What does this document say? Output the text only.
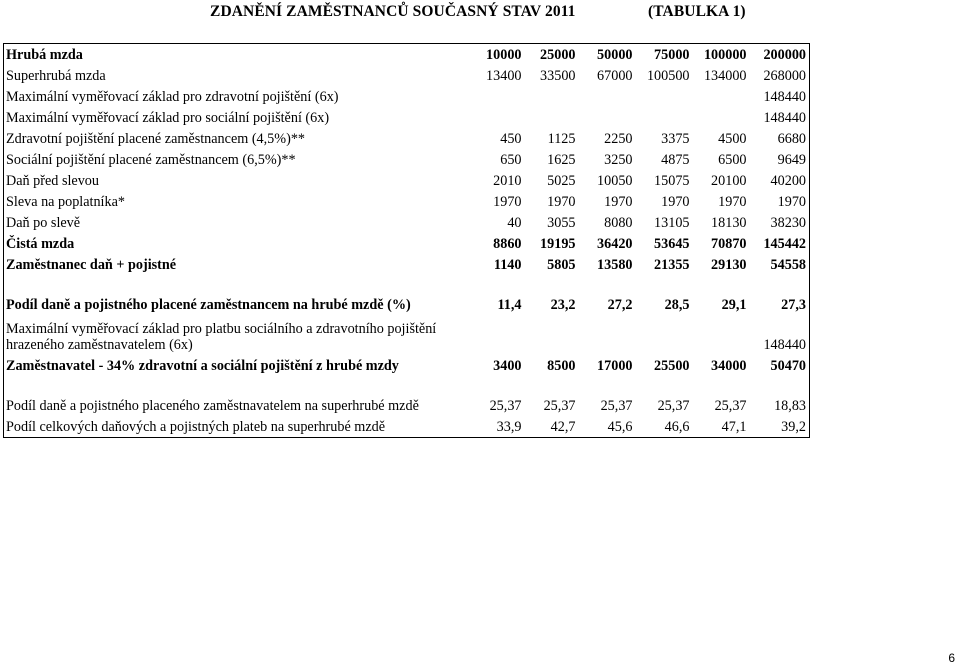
ZDANĚNÍ ZAMĚSTNANCŮ SOUČASNÝ STAV 2011	(TABULKA 1)
Hrubá mzda	10000	25000	50000	75000	100000	200000
Superhrubá mzda	13400	33500	67000	100500	134000	268000
Maximální vyměřovací základ pro zdravotní pojištění (6x)						148440
Maximální vyměřovací základ pro sociální pojištění (6x)						148440
Zdravotní pojištění placené zaměstnancem (4,5%)**	450	1125	2250	3375	4500	6680
Sociální pojištění placené zaměstnancem (6,5%)**	650	1625	3250	4875	6500	9649
Daň před slevou	2010	5025	10050	15075	20100	40200
Sleva na poplatníka*	1970	1970	1970	1970	1970	1970
Daň po slevě	40	3055	8080	13105	18130	38230
Čistá mzda	8860	19195	36420	53645	70870	145442
Zaměstnanec daň + pojistné	1140	5805	13580	21355	29130	54558
Podíl daně a pojistného placené zaměstnancem na hrubé mzdě (%)	11,4	23,2	27,2	28,5	29,1	27,3
Maximální vyměřovací základ pro platbu sociálního a zdravotního pojištění hrazeného zaměstnavatelem (6x)						148440
Zaměstnavatel - 34% zdravotní a sociální pojištění z hrubé mzdy	3400	8500	17000	25500	34000	50470
Podíl daně a pojistného placeného zaměstnavatelem na superhrubé mzdě	25,37	25,37	25,37	25,37	25,37	18,83
Podíl celkových daňových a pojistných plateb na superhrubé mzdě	33,9	42,7	45,6	46,6	47,1	39,2
6
